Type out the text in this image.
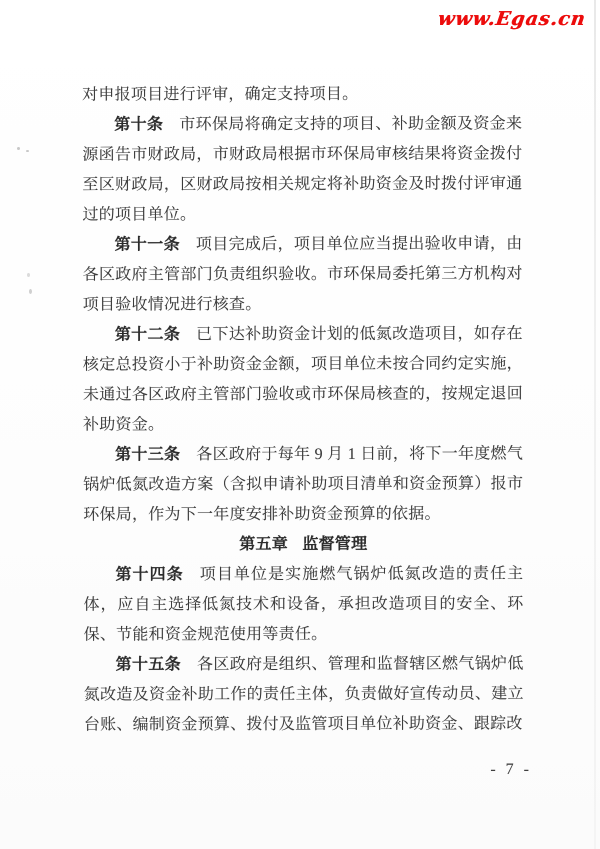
www.Egas.cn

对申报项目进行评审，确定支持项目。

第十条 市环保局将确定支持的项目、补助金额及资金来源函告市财政局，市财政局根据市环保局审核结果将资金拨付至区财政局，区财政局按相关规定将补助资金及时拨付评审通过的项目单位。

第十一条 项目完成后，项目单位应当提出验收申请，由各区政府主管部门负责组织验收。市环保局委托第三方机构对项目验收情况进行核查。

第十二条 已下达补助资金计划的低氮改造项目，如存在核定总投资小于补助资金金额，项目单位未按合同约定实施，未通过各区政府主管部门验收或市环保局核查的，按规定退回补助资金。

第十三条 各区政府于每年 9 月 1 日前，将下一年度燃气锅炉低氮改造方案（含拟申请补助项目清单和资金预算）报市环保局，作为下一年度安排补助资金预算的依据。

第五章 监督管理

第十四条 项目单位是实施燃气锅炉低氮改造的责任主体，应自主选择低氮技术和设备，承担改造项目的安全、环保、节能和资金规范使用等责任。

第十五条 各区政府是组织、管理和监督辖区燃气锅炉低氮改造及资金补助工作的责任主体，负责做好宣传动员、建立台账、编制资金预算、拨付及监管项目单位补助资金、跟踪改

- 7 -
